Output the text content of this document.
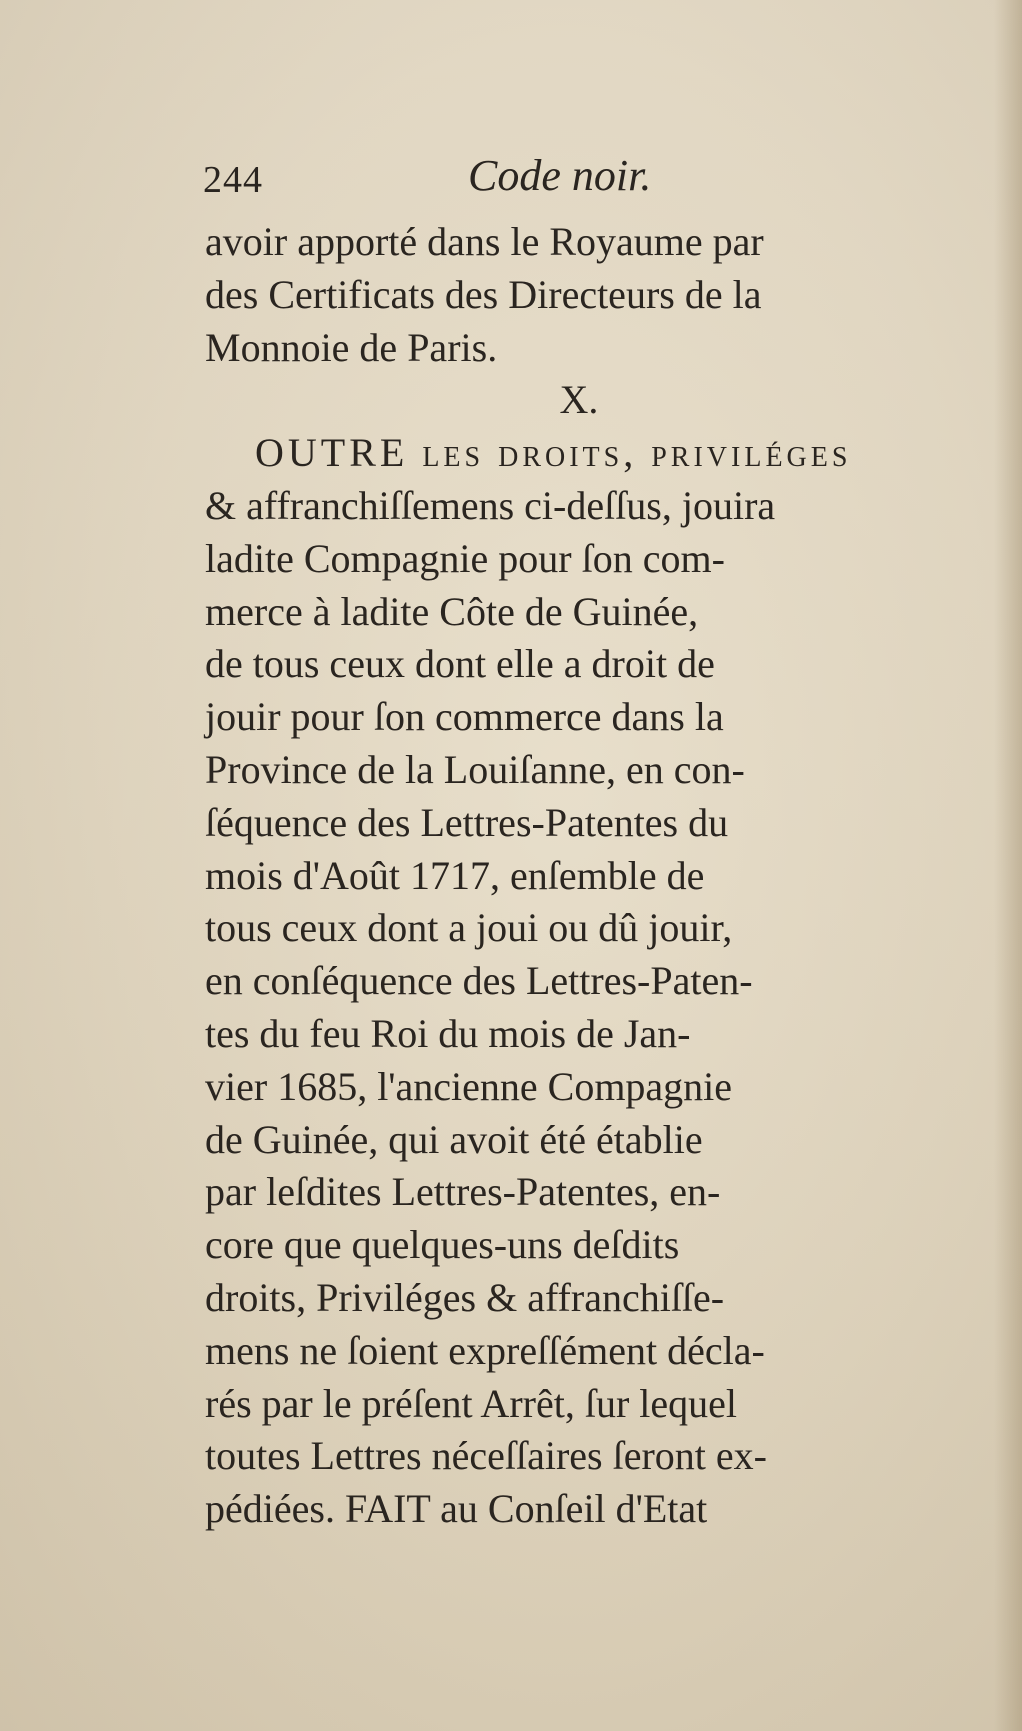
244	Code noir.
avoir apporté dans le Royaume par
des Certificats des Directeurs de la
Monnoie de Paris.
X.
OUTRE les droits, priviléges
& affranchiſſemens ci-deſſus, jouira
ladite Compagnie pour ſon com-
merce à ladite Côte de Guinée,
de tous ceux dont elle a droit de
jouir pour ſon commerce dans la
Province de la Louiſanne, en con-
ſéquence des Lettres-Patentes du
mois d'Août 1717, enſemble de
tous ceux dont a joui ou dû jouir,
en conſéquence des Lettres-Paten-
tes du feu Roi du mois de Jan-
vier 1685, l'ancienne Compagnie
de Guinée, qui avoit été établie
par leſdites Lettres-Patentes, en-
core que quelques-uns deſdits
droits, Priviléges & affranchiſſe-
mens ne ſoient expreſſément décla-
rés par le préſent Arrêt, ſur lequel
toutes Lettres néceſſaires ſeront ex-
pédiées. FAIT au Conſeil d'Etat
